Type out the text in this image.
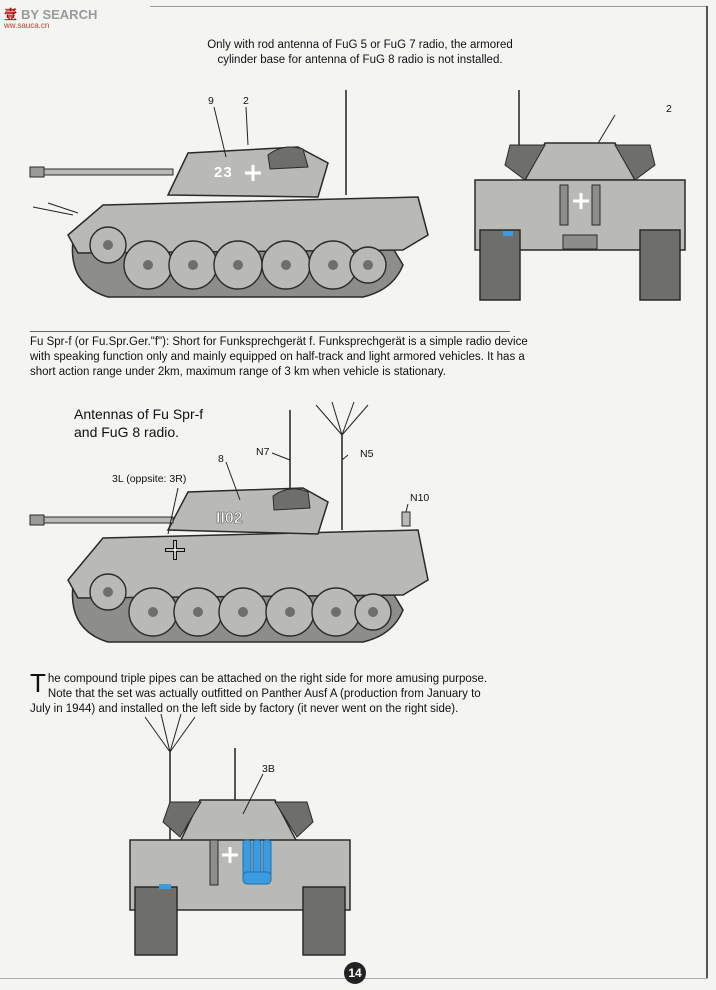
壹 BY SEARCH
ww.sauca.cn
Only with rod antenna of FuG 5 or FuG 7 radio, the armored
cylinder base for antenna of FuG 8 radio is not installed.
9	2
23
2
Fu Spr-f (or Fu.Spr.Ger."f"): Short for Funksprechgerät f. Funksprechgerät is a simple radio device
with speaking function only and mainly equipped on half-track and light armored vehicles. It has a
short action range under 2km, maximum range of 3 km when vehicle is stationary.
Antennas of Fu Spr-f
and FuG 8 radio.
8
3L (oppsite: 3R)
N7	N5
N10
II02
T he compound triple pipes can be attached on the right side for more amusing purpose.
Note that the set was actually outfitted on Panther Ausf A (production from January to
July in 1944) and installed on the left side by factory (it never went on the right side).
3B
14
